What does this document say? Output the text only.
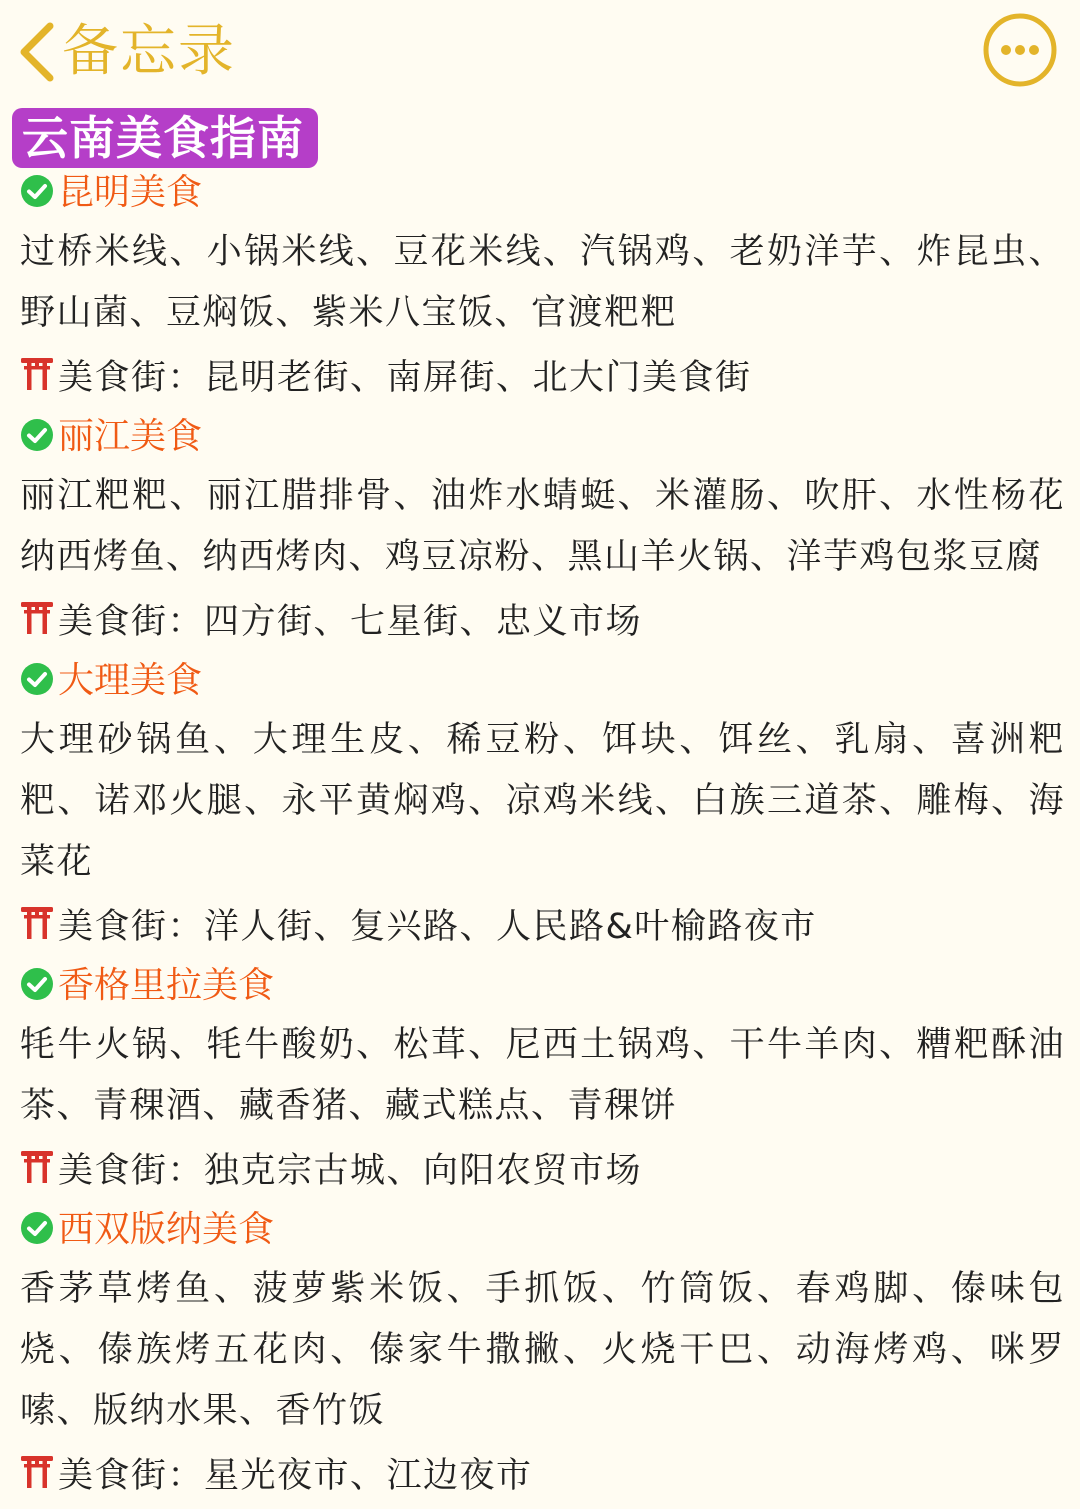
备忘录
云南美食指南
昆明美食

过桥米线、小锅米线、豆花米线、汽锅鸡、老奶洋芋、炸昆虫、野山菌、豆焖饭、紫米八宝饭、官渡粑粑

美食街：昆明老街、南屏街、北大门美食街
丽江美食

丽江粑粑、丽江腊排骨、油炸水蜻蜓、米灌肠、吹肝、水性杨花纳西烤鱼、纳西烤肉、鸡豆凉粉、黑山羊火锅、洋芋鸡包浆豆腐

美食街：四方街、七星街、忠义市场
大理美食

大理砂锅鱼、大理生皮、稀豆粉、饵块、饵丝、乳扇、喜洲粑粑、诺邓火腿、永平黄焖鸡、凉鸡米线、白族三道茶、雕梅、海菜花

美食街：洋人街、复兴路、人民路&叶榆路夜市
香格里拉美食

牦牛火锅、牦牛酸奶、松茸、尼西土锅鸡、干牛羊肉、糟粑酥油茶、青稞酒、藏香猪、藏式糕点、青稞饼

美食街：独克宗古城、向阳农贸市场
西双版纳美食

香茅草烤鱼、菠萝紫米饭、手抓饭、竹筒饭、春鸡脚、傣味包烧、傣族烤五花肉、傣家牛撒撇、火烧干巴、动海烤鸡、咪罗嗦、版纳水果、香竹饭

美食街：星光夜市、江边夜市
